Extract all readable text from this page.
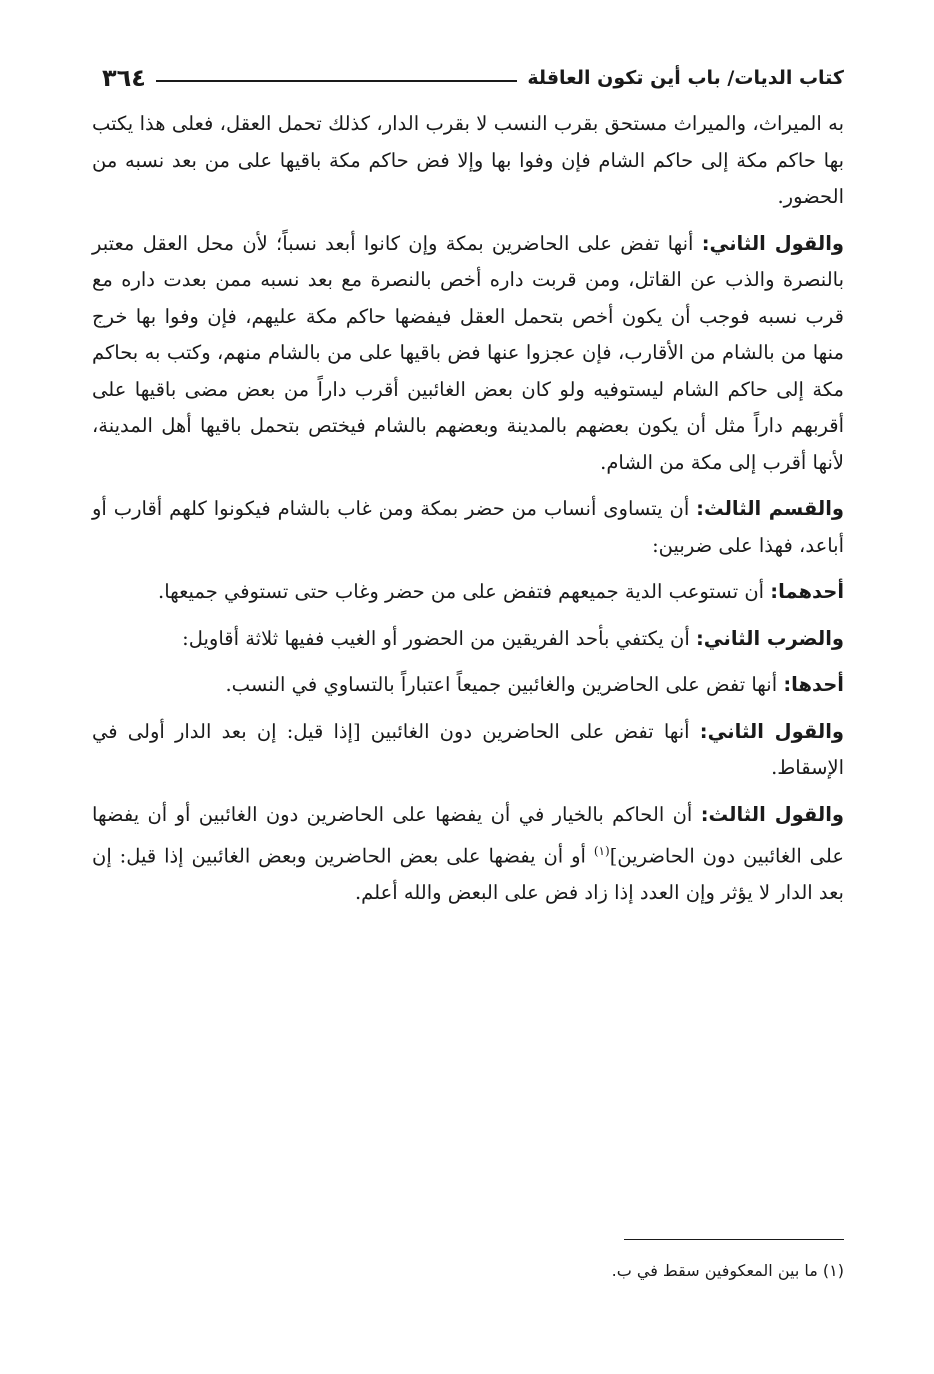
كتاب الديات/ باب أين تكون العاقلة
٣٦٤

به الميراث، والميراث مستحق بقرب النسب لا بقرب الدار، كذلك تحمل العقل، فعلى هذا يكتب بها حاكم مكة إلى حاكم الشام فإن وفوا بها وإلا فض حاكم مكة باقيها على من بعد نسبه من الحضور.

والقول الثاني: أنها تفض على الحاضرين بمكة وإن كانوا أبعد نسباً؛ لأن محل العقل معتبر بالنصرة والذب عن القاتل، ومن قربت داره أخص بالنصرة مع بعد نسبه ممن بعدت داره مع قرب نسبه فوجب أن يكون أخص بتحمل العقل فيفضها حاكم مكة عليهم، فإن وفوا بها خرج منها من بالشام من الأقارب، فإن عجزوا عنها فض باقيها على من بالشام منهم، وكتب به بحاكم مكة إلى حاكم الشام ليستوفيه ولو كان بعض الغائبين أقرب داراً من بعض مضى باقيها على أقربهم داراً مثل أن يكون بعضهم بالمدينة وبعضهم بالشام فيختص بتحمل باقيها أهل المدينة، لأنها أقرب إلى مكة من الشام.

والقسم الثالث: أن يتساوى أنساب من حضر بمكة ومن غاب بالشام فيكونوا كلهم أقارب أو أباعد، فهذا على ضربين:

أحدهما: أن تستوعب الدية جميعهم فتفض على من حضر وغاب حتى تستوفي جميعها.

والضرب الثاني: أن يكتفي بأحد الفريقين من الحضور أو الغيب ففيها ثلاثة أقاويل:

أحدها: أنها تفض على الحاضرين والغائبين جميعاً اعتباراً بالتساوي في النسب.

والقول الثاني: أنها تفض على الحاضرين دون الغائبين [إذا قيل: إن بعد الدار أولى في الإسقاط.

والقول الثالث: أن الحاكم بالخيار في أن يفضها على الحاضرين دون الغائبين أو أن يفضها على الغائبين دون الحاضرين]$^{(١)}$ أو أن يفضها على بعض الحاضرين وبعض الغائبين إذا قيل: إن بعد الدار لا يؤثر وإن العدد إذا زاد فض على البعض والله أعلم.

(١) ما بين المعكوفين سقط في ب.
